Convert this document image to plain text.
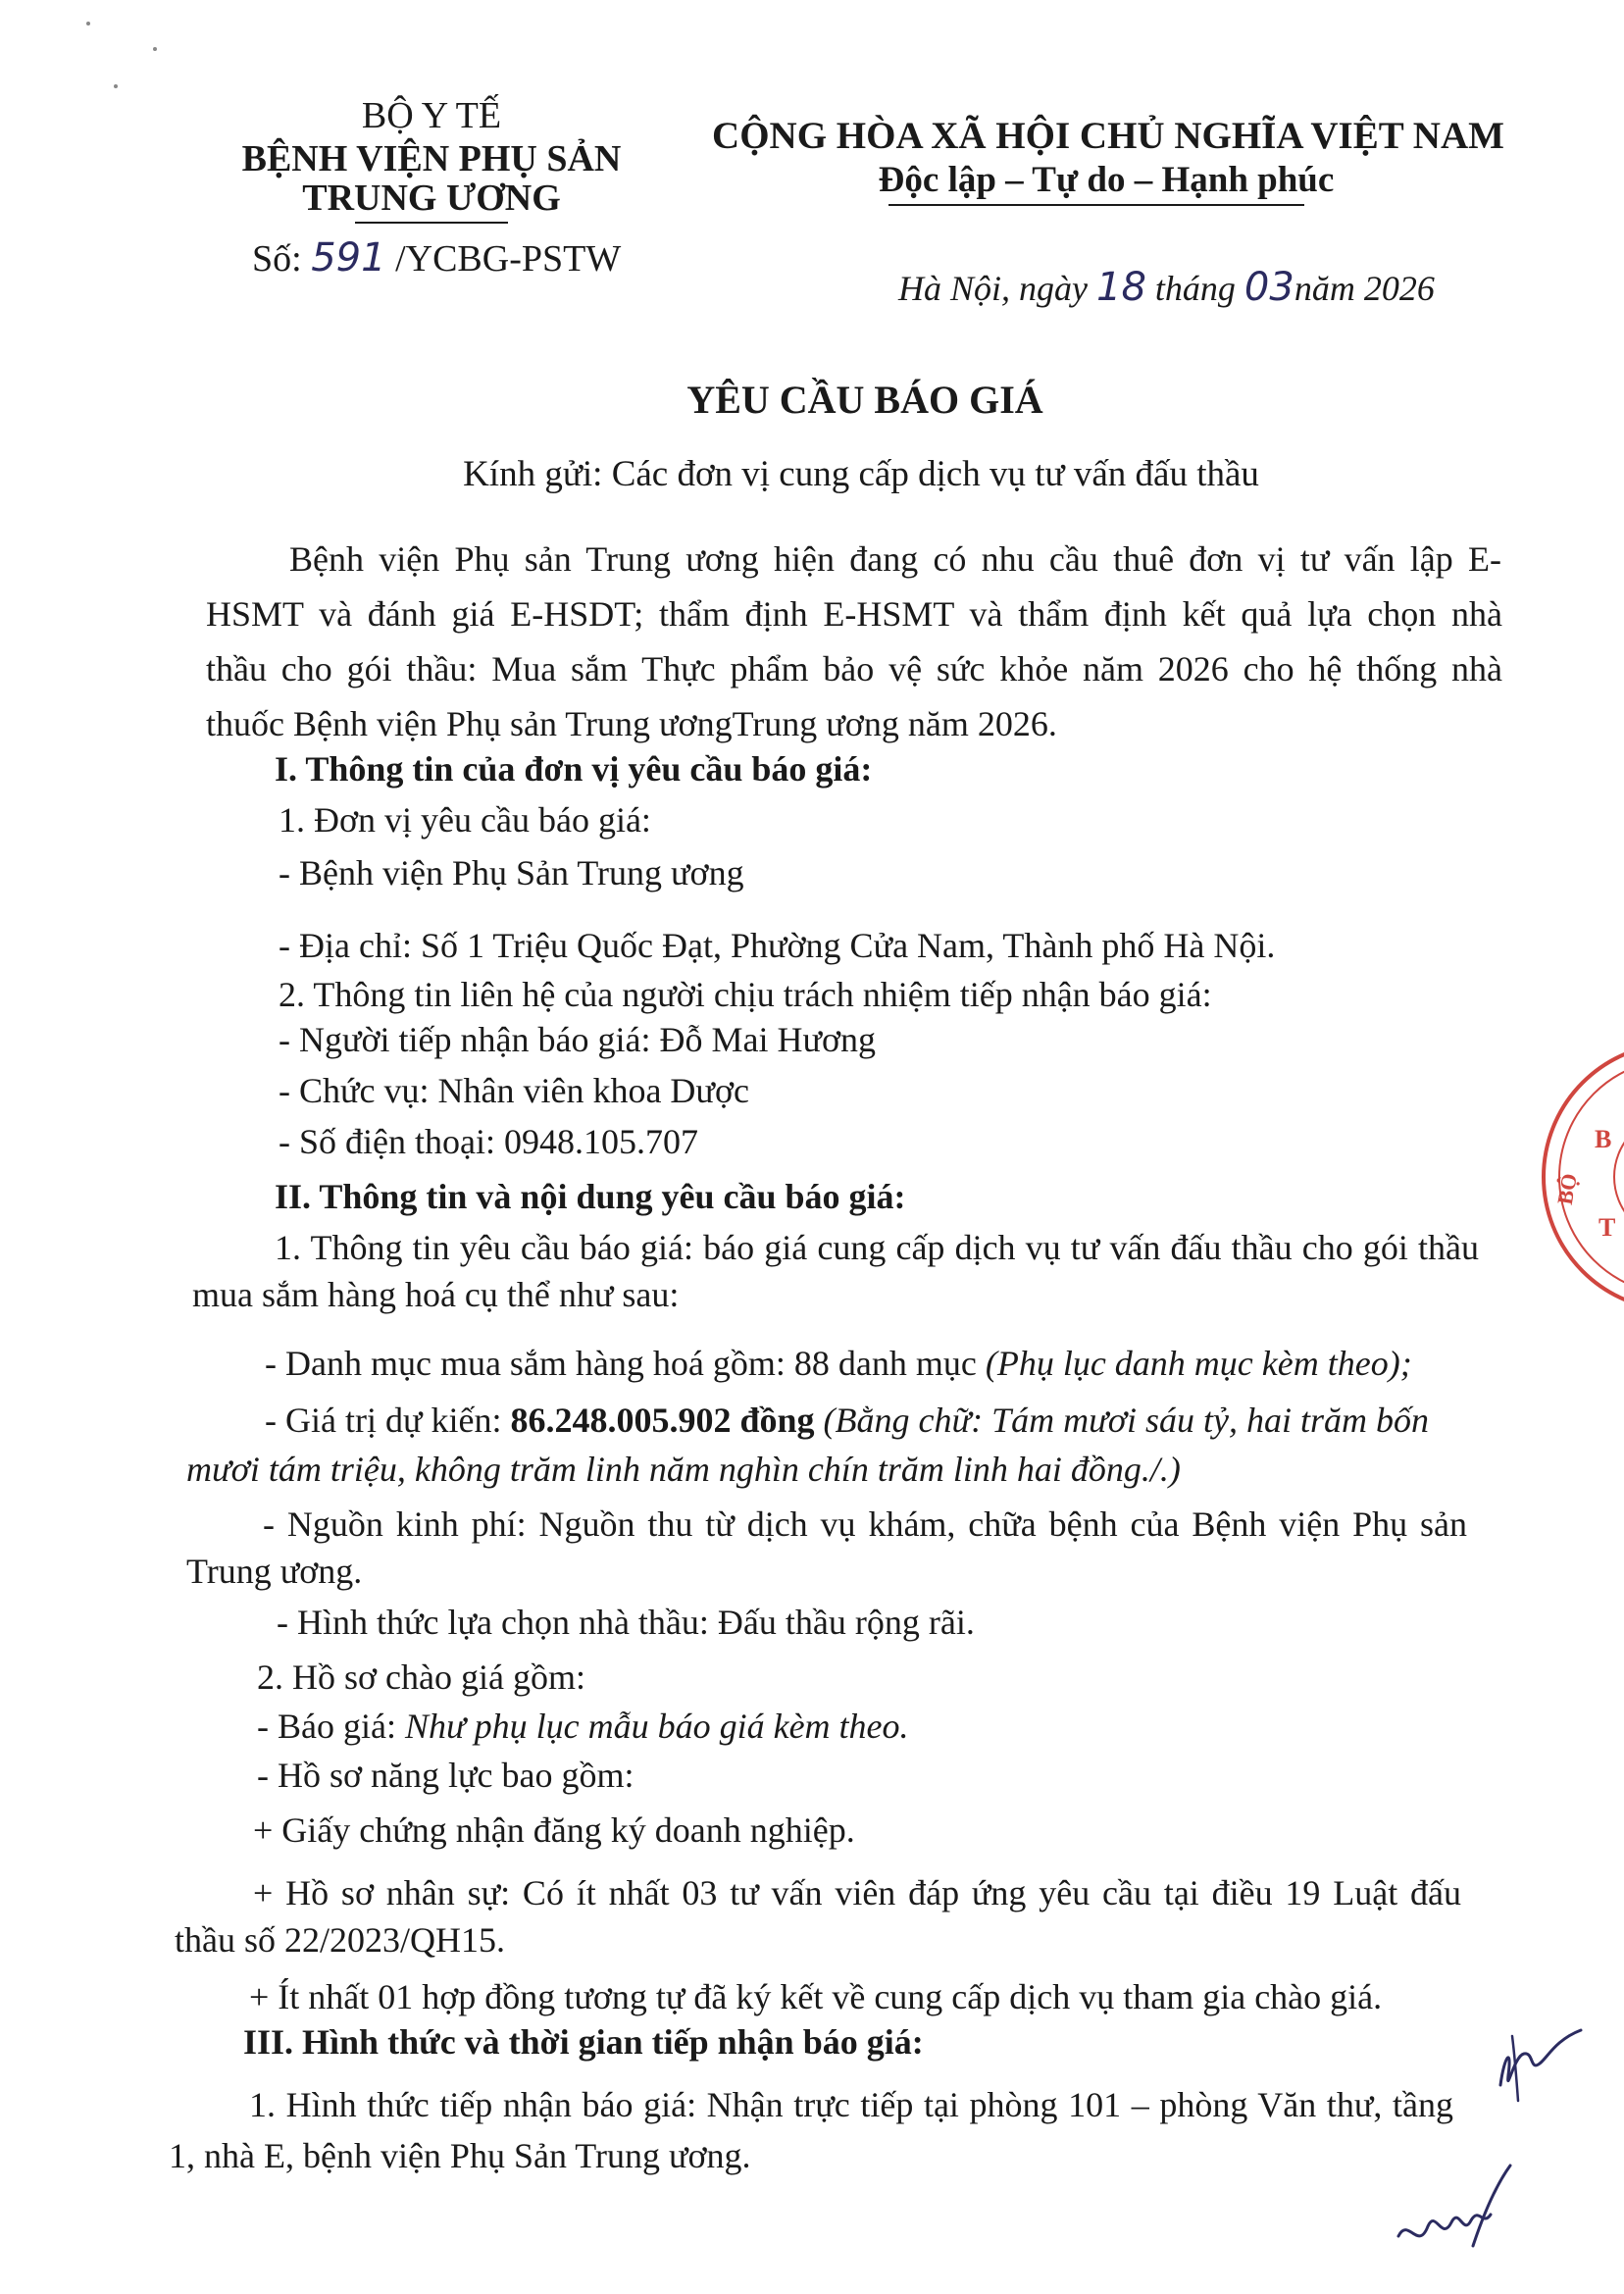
BỘ Y TẾ
BỆNH VIỆN PHỤ SẢN
TRUNG ƯƠNG
Số: 591 /YCBG-PSTW
CỘNG HÒA XÃ HỘI CHỦ NGHĨA VIỆT NAM
Độc lập – Tự do – Hạnh phúc
Hà Nội, ngày 18 tháng 03năm 2026
YÊU CẦU BÁO GIÁ
Kính gửi: Các đơn vị cung cấp dịch vụ tư vấn đấu thầu
Bệnh viện Phụ sản Trung ương hiện đang có nhu cầu thuê đơn vị tư vấn lập E-
HSMT và đánh giá E-HSDT; thẩm định E-HSMT và thẩm định kết quả lựa chọn nhà
thầu cho gói thầu: Mua sắm Thực phẩm bảo vệ sức khỏe năm 2026 cho hệ thống nhà
thuốc Bệnh viện Phụ sản Trung ươngTrung ương năm 2026.
I. Thông tin của đơn vị yêu cầu báo giá:
1. Đơn vị yêu cầu báo giá:
- Bệnh viện Phụ Sản Trung ương
- Địa chỉ: Số 1 Triệu Quốc Đạt, Phường Cửa Nam, Thành phố Hà Nội.
2. Thông tin liên hệ của người chịu trách nhiệm tiếp nhận báo giá:
- Người tiếp nhận báo giá: Đỗ Mai Hương
- Chức vụ: Nhân viên khoa Dược
- Số điện thoại: 0948.105.707
II. Thông tin và nội dung yêu cầu báo giá:
1. Thông tin yêu cầu báo giá: báo giá cung cấp dịch vụ tư vấn đấu thầu cho gói thầu
mua sắm hàng hoá cụ thể như sau:
- Danh mục mua sắm hàng hoá gồm: 88 danh mục (Phụ lục danh mục kèm theo);
- Giá trị dự kiến: 86.248.005.902 đồng (Bằng chữ: Tám mươi sáu tỷ, hai trăm bốn
mươi tám triệu, không trăm linh năm nghìn chín trăm linh hai đồng./.)
- Nguồn kinh phí: Nguồn thu từ dịch vụ khám, chữa bệnh của Bệnh viện Phụ sản
Trung ương.
- Hình thức lựa chọn nhà thầu: Đấu thầu rộng rãi.
2. Hồ sơ chào giá gồm:
- Báo giá: Như phụ lục mẫu báo giá kèm theo.
- Hồ sơ năng lực bao gồm:
+ Giấy chứng nhận đăng ký doanh nghiệp.
+ Hồ sơ nhân sự: Có ít nhất 03 tư vấn viên đáp ứng yêu cầu tại điều 19 Luật đấu
thầu số 22/2023/QH15.
+ Ít nhất 01 hợp đồng tương tự đã ký kết về cung cấp dịch vụ tham gia chào giá.
III. Hình thức và thời gian tiếp nhận báo giá:
1. Hình thức tiếp nhận báo giá: Nhận trực tiếp tại phòng 101 – phòng Văn thư, tầng
1, nhà E, bệnh viện Phụ Sản Trung ương.
B
BỘ
T
